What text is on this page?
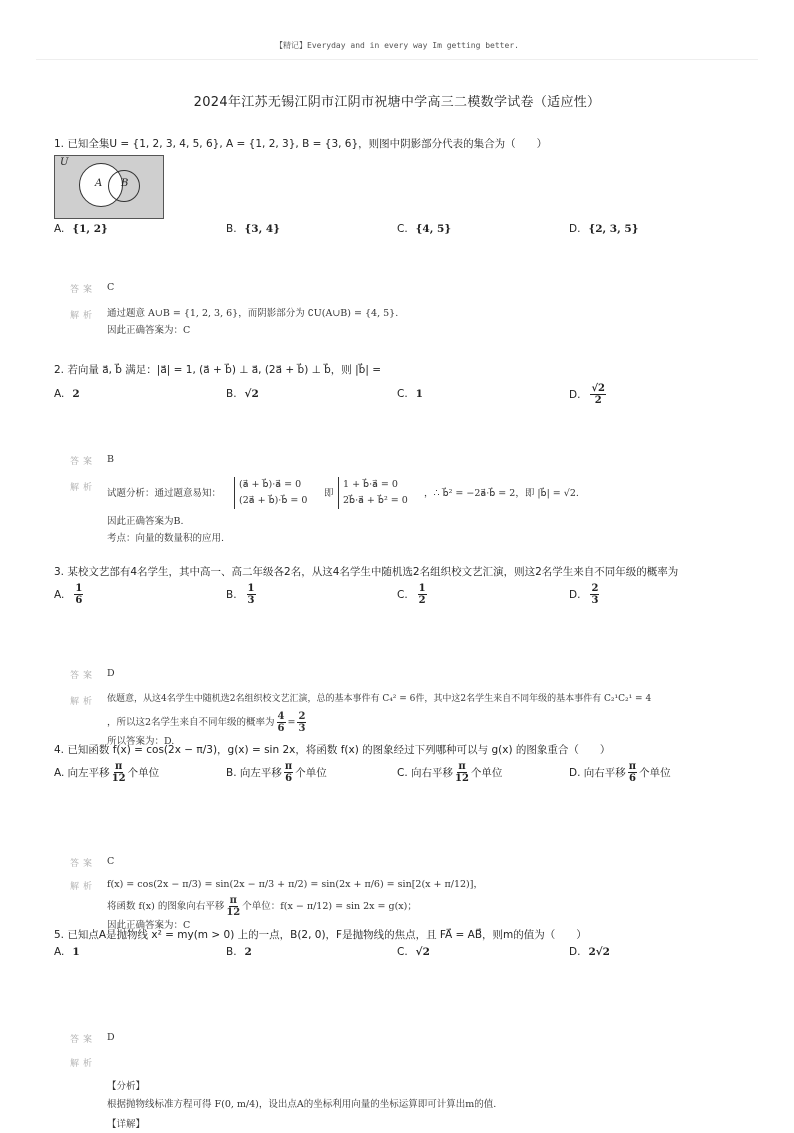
【精记】Everyday and in every way Im getting better.
2024年江苏无锡江阴市江阴市祝塘中学高三二模数学试卷（适应性）
1. 已知全集U = {1, 2, 3, 4, 5, 6}, A = {1, 2, 3}, B = {3, 6}，则图中阴影部分代表的集合为（　　）
U
A B
A. {1, 2}	B. {3, 4}	C. {4, 5}	D. {2, 3, 5}
答案 C
解析 通过题意 A∪B = {1, 2, 3, 6}，而阴影部分为 ∁U(A∪B) = {4, 5}.
因此正确答案为：C
2. 若向量 a⃗, b⃗ 满足：|a⃗| = 1, (a⃗ + b⃗) ⊥ a⃗, (2a⃗ + b⃗) ⊥ b⃗，则 |b⃗| =
A. 2	B. √2	C. 1	D. $\frac{√2}{2}$
答案 B
解析 试题分析：通过题意易知：
(a⃗ + b⃗)·a⃗ = 0
(2a⃗ + b⃗)·b⃗ = 0
即
1 + b⃗·a⃗ = 0
2b⃗·a⃗ + b⃗² = 0
，∴ b⃗² = −2a⃗·b⃗ = 2，即 |b⃗| = √2.
因此正确答案为B.
考点：向量的数量积的应用.
3. 某校文艺部有4名学生，其中高一、高二年级各2名，从这4名学生中随机选2名组织校文艺汇演，则这2名学生来自不同年级的概率为
A. $\frac{1}{6}$	B. $\frac{1}{3}$	C. $\frac{1}{2}$	D. $\frac{2}{3}$
答案 D
解析 依题意，从这4名学生中随机选2名组织校文艺汇演，总的基本事件有 C₄² = 6件，其中这2名学生来自不同年级的基本事件有 C₂¹C₂¹ = 4
，所以这2名学生来自不同年级的概率为 $\frac{4}{6} = \frac{2}{3}$
所以答案为：D.
4. 已知函数 f(x) = cos(2x − π/3)，g(x) = sin 2x，将函数 f(x) 的图象经过下列哪种可以与 g(x) 的图象重合（　　）
A. 向左平移 $\frac{\pi}{12}$ 个单位	B. 向左平移 $\frac{\pi}{6}$ 个单位	C. 向右平移 $\frac{\pi}{12}$ 个单位	D. 向右平移 $\frac{\pi}{6}$ 个单位
答案 C
解析 f(x) = cos(2x − π/3) = sin(2x − π/3 + π/2) = sin(2x + π/6) = sin[2(x + π/12)]，
将函数 f(x) 的图象向右平移 $\frac{\pi}{12}$ 个单位：f(x − π/12) = sin 2x = g(x)；
因此正确答案为：C
5. 已知点A是抛物线 x² = my(m > 0) 上的一点，B(2, 0)，F是抛物线的焦点，且 FA⃗ = AB⃗，则m的值为（　　）
A. 1	B. 2	C. √2	D. 2√2
答案 D
解析
【分析】
根据抛物线标准方程可得 F(0, m/4)，设出点A的坐标利用向量的坐标运算即可计算出m的值.
【详解】
